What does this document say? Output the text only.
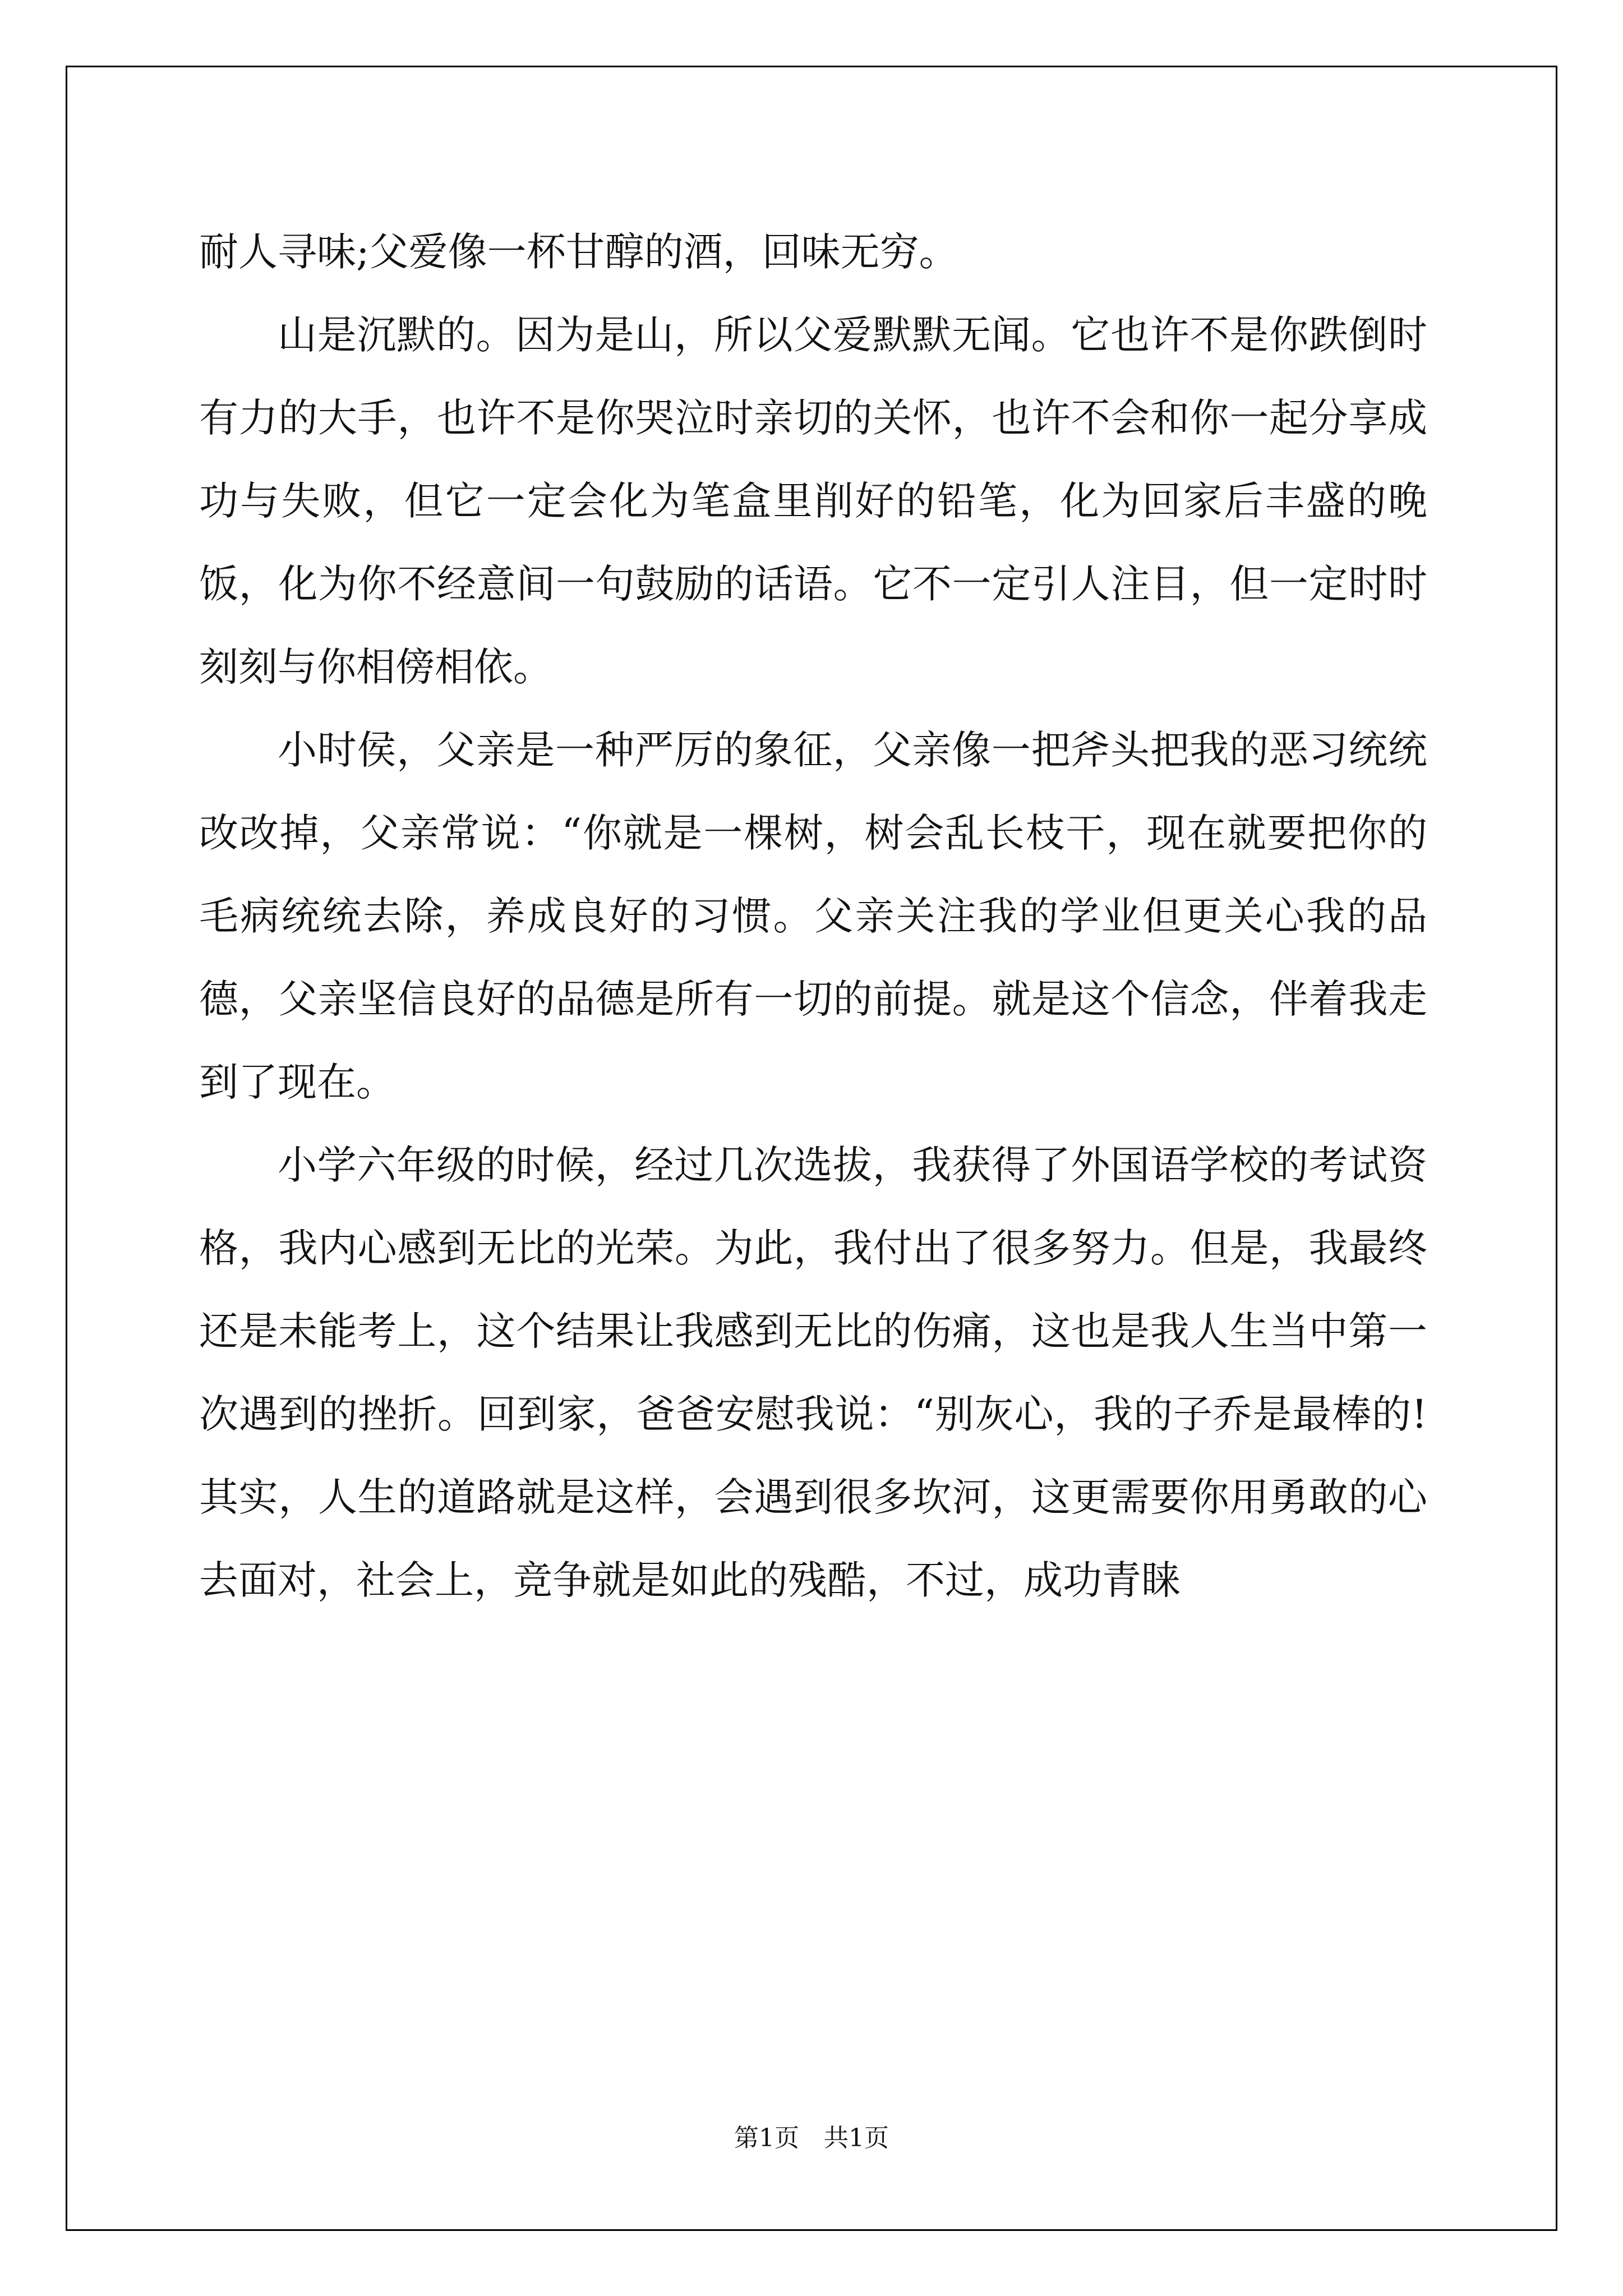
耐人寻味;父爱像一杯甘醇的酒，回味无穷。

山是沉默的。因为是山，所以父爱默默无闻。它也许不是你跌倒时有力的大手，也许不是你哭泣时亲切的关怀，也许不会和你一起分享成功与失败，但它一定会化为笔盒里削好的铅笔，化为回家后丰盛的晚饭，化为你不经意间一句鼓励的话语。它不一定引人注目，但一定时时刻刻与你相傍相依。

小时侯，父亲是一种严厉的象征，父亲像一把斧头把我的恶习统统改改掉，父亲常说：“你就是一棵树，树会乱长枝干，现在就要把你的毛病统统去除，养成良好的习惯。父亲关注我的学业但更关心我的品德，父亲坚信良好的品德是所有一切的前提。就是这个信念，伴着我走到了现在。

小学六年级的时候，经过几次选拔，我获得了外国语学校的考试资格，我内心感到无比的光荣。为此，我付出了很多努力。但是，我最终还是未能考上，这个结果让我感到无比的伤痛，这也是我人生当中第一次遇到的挫折。回到家，爸爸安慰我说：“别灰心，我的子乔是最棒的!其实，人生的道路就是这样，会遇到很多坎河，这更需要你用勇敢的心去面对，社会上，竞争就是如此的残酷，不过，成功青睐

第1页 共1页
